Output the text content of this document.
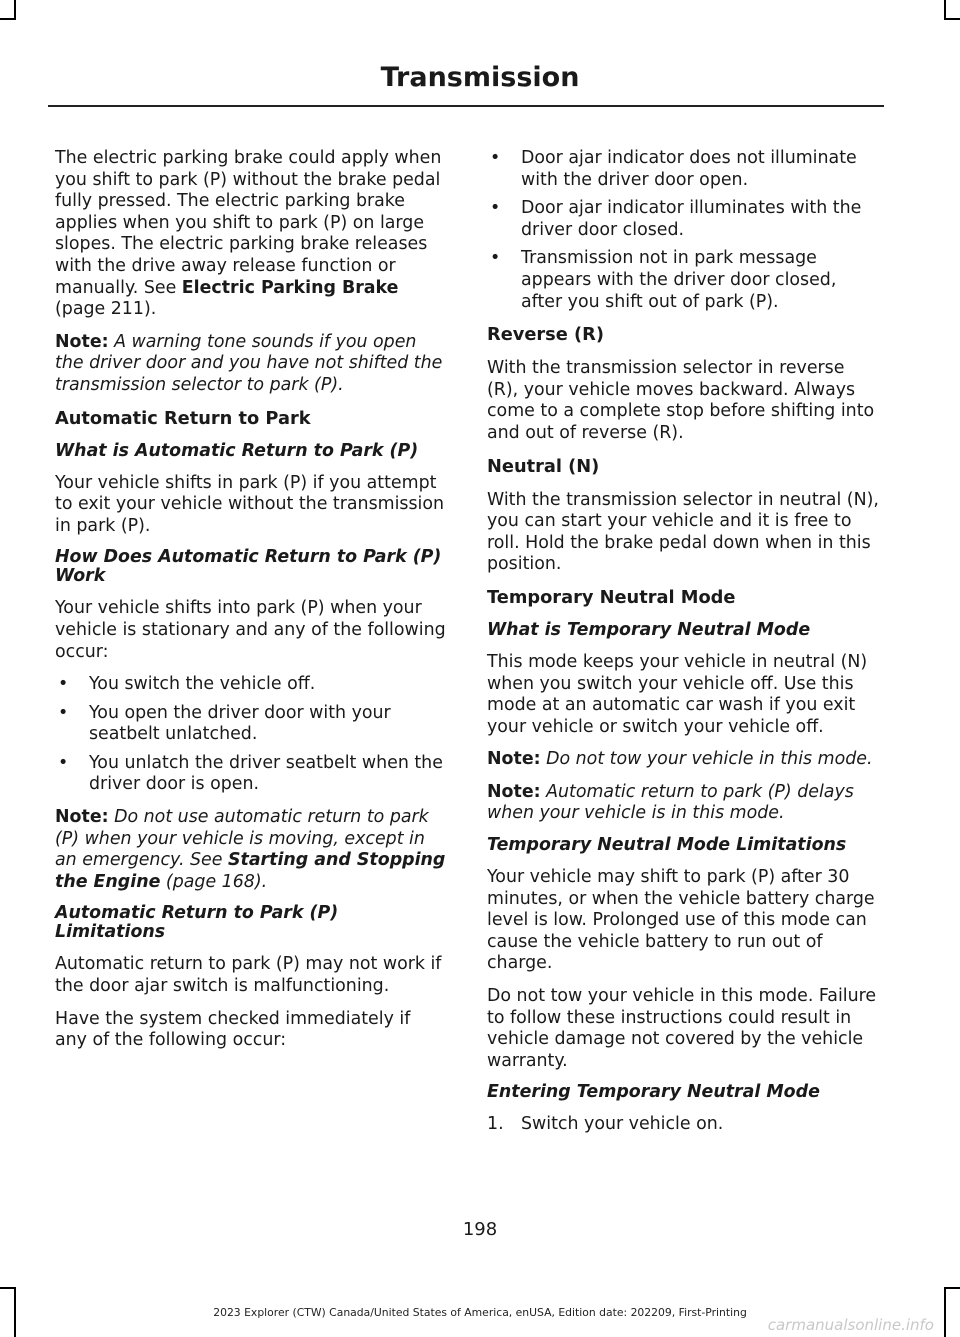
Transmission

The electric parking brake could apply when you shift to park (P) without the brake pedal fully pressed. The electric parking brake applies when you shift to park (P) on large slopes. The electric parking brake releases with the drive away release function or manually. See Electric Parking Brake (page 211).

Note: A warning tone sounds if you open the driver door and you have not shifted the transmission selector to park (P).

Automatic Return to Park
What is Automatic Return to Park (P)

Your vehicle shifts in park (P) if you attempt to exit your vehicle without the transmission in park (P).

How Does Automatic Return to Park (P) Work

Your vehicle shifts into park (P) when your vehicle is stationary and any of the following occur:

• You switch the vehicle off.
• You open the driver door with your seatbelt unlatched.
• You unlatch the driver seatbelt when the driver door is open.

Note: Do not use automatic return to park (P) when your vehicle is moving, except in an emergency. See Starting and Stopping the Engine (page 168).

Automatic Return to Park (P) Limitations

Automatic return to park (P) may not work if the door ajar switch is malfunctioning.

Have the system checked immediately if any of the following occur:

• Door ajar indicator does not illuminate with the driver door open.
• Door ajar indicator illuminates with the driver door closed.
• Transmission not in park message appears with the driver door closed, after you shift out of park (P).
Reverse (R)

With the transmission selector in reverse (R), your vehicle moves backward. Always come to a complete stop before shifting into and out of reverse (R).

Neutral (N)

With the transmission selector in neutral (N), you can start your vehicle and it is free to roll. Hold the brake pedal down when in this position.

Temporary Neutral Mode
What is Temporary Neutral Mode

This mode keeps your vehicle in neutral (N) when you switch your vehicle off. Use this mode at an automatic car wash if you exit your vehicle or switch your vehicle off.

Note: Do not tow your vehicle in this mode.

Note: Automatic return to park (P) delays when your vehicle is in this mode.

Temporary Neutral Mode Limitations

Your vehicle may shift to park (P) after 30 minutes, or when the vehicle battery charge level is low. Prolonged use of this mode can cause the vehicle battery to run out of charge.

Do not tow your vehicle in this mode. Failure to follow these instructions could result in vehicle damage not covered by the vehicle warranty.

Entering Temporary Neutral Mode
1. Switch your vehicle on.
198
2023 Explorer (CTW) Canada/United States of America, enUSA, Edition date: 202209, First-Printing
carmanualsonline.info
